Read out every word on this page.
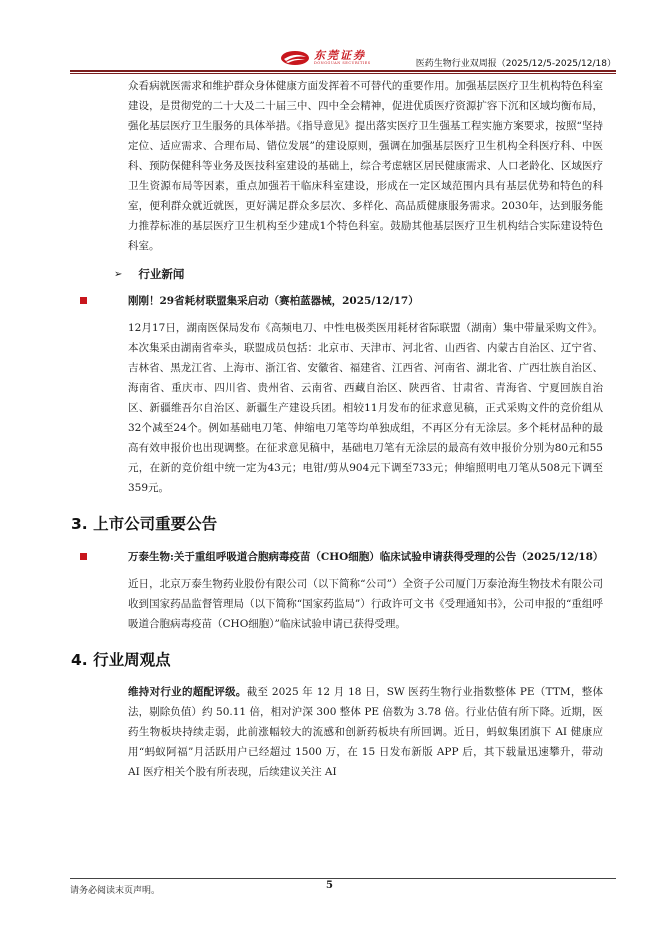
东莞证券
DONGGUAN SECURITIES	医药生物行业双周报（2025/12/5-2025/12/18）

众看病就医需求和维护群众身体健康方面发挥着不可替代的重要作用。加强基层医疗卫生机构特色科室建设，是贯彻党的二十大及二十届三中、四中全会精神，促进优质医疗资源扩容下沉和区域均衡布局，强化基层医疗卫生服务的具体举措。《指导意见》提出落实医疗卫生强基工程实施方案要求，按照“坚持定位、适应需求、合理布局、错位发展”的建设原则，强调在加强基层医疗卫生机构全科医疗科、中医科、预防保健科等业务及医技科室建设的基础上，综合考虑辖区居民健康需求、人口老龄化、区域医疗卫生资源布局等因素，重点加强若干临床科室建设，形成在一定区域范围内具有基层优势和特色的科室，便利群众就近就医，更好满足群众多层次、多样化、高品质健康服务需求。2030年，达到服务能力推荐标准的基层医疗卫生机构至少建成1个特色科室。鼓励其他基层医疗卫生机构结合实际建设特色科室。

➢ 行业新闻
刚刚！29省耗材联盟集采启动（赛柏蓝器械，2025/12/17）

12月17日，湖南医保局发布《高频电刀、中性电极类医用耗材省际联盟（湖南）集中带量采购文件》。本次集采由湖南省牵头，联盟成员包括：北京市、天津市、河北省、山西省、内蒙古自治区、辽宁省、吉林省、黑龙江省、上海市、浙江省、安徽省、福建省、江西省、河南省、湖北省、广西壮族自治区、海南省、重庆市、四川省、贵州省、云南省、西藏自治区、陕西省、甘肃省、青海省、宁夏回族自治区、新疆维吾尔自治区、新疆生产建设兵团。相较11月发布的征求意见稿，正式采购文件的竞价组从32个减至24个。例如基础电刀笔、伸缩电刀笔等均单独成组，不再区分有无涂层。多个耗材品种的最高有效申报价也出现调整。在征求意见稿中，基础电刀笔有无涂层的最高有效申报价分别为80元和55元，在新的竞价组中统一定为43元；电钳/剪从904元下调至733元；伸缩照明电刀笔从508元下调至359元。

3. 上市公司重要公告
万泰生物:关于重组呼吸道合胞病毒疫苗（CHO细胞）临床试验申请获得受理的公告（2025/12/18）

近日，北京万泰生物药业股份有限公司（以下简称“公司”）全资子公司厦门万泰沧海生物技术有限公司收到国家药品监督管理局（以下简称“国家药监局”）行政许可文书《受理通知书》，公司申报的“重组呼吸道合胞病毒疫苗（CHO细胞）”临床试验申请已获得受理。

4. 行业周观点

维持对行业的超配评级。截至 2025 年 12 月 18 日，SW 医药生物行业指数整体 PE（TTM，整体法，剔除负值）约 50.11 倍，相对沪深 300 整体 PE 倍数为 3.78 倍。行业估值有所下降。近期，医药生物板块持续走弱，此前涨幅较大的流感和创新药板块有所回调。近日，蚂蚁集团旗下 AI 健康应用“蚂蚁阿福”月活跃用户已经超过 1500 万，在 15 日发布新版 APP 后，其下载量迅速攀升，带动 AI 医疗相关个股有所表现，后续建议关注 AI

请务必阅读末页声明。	5
